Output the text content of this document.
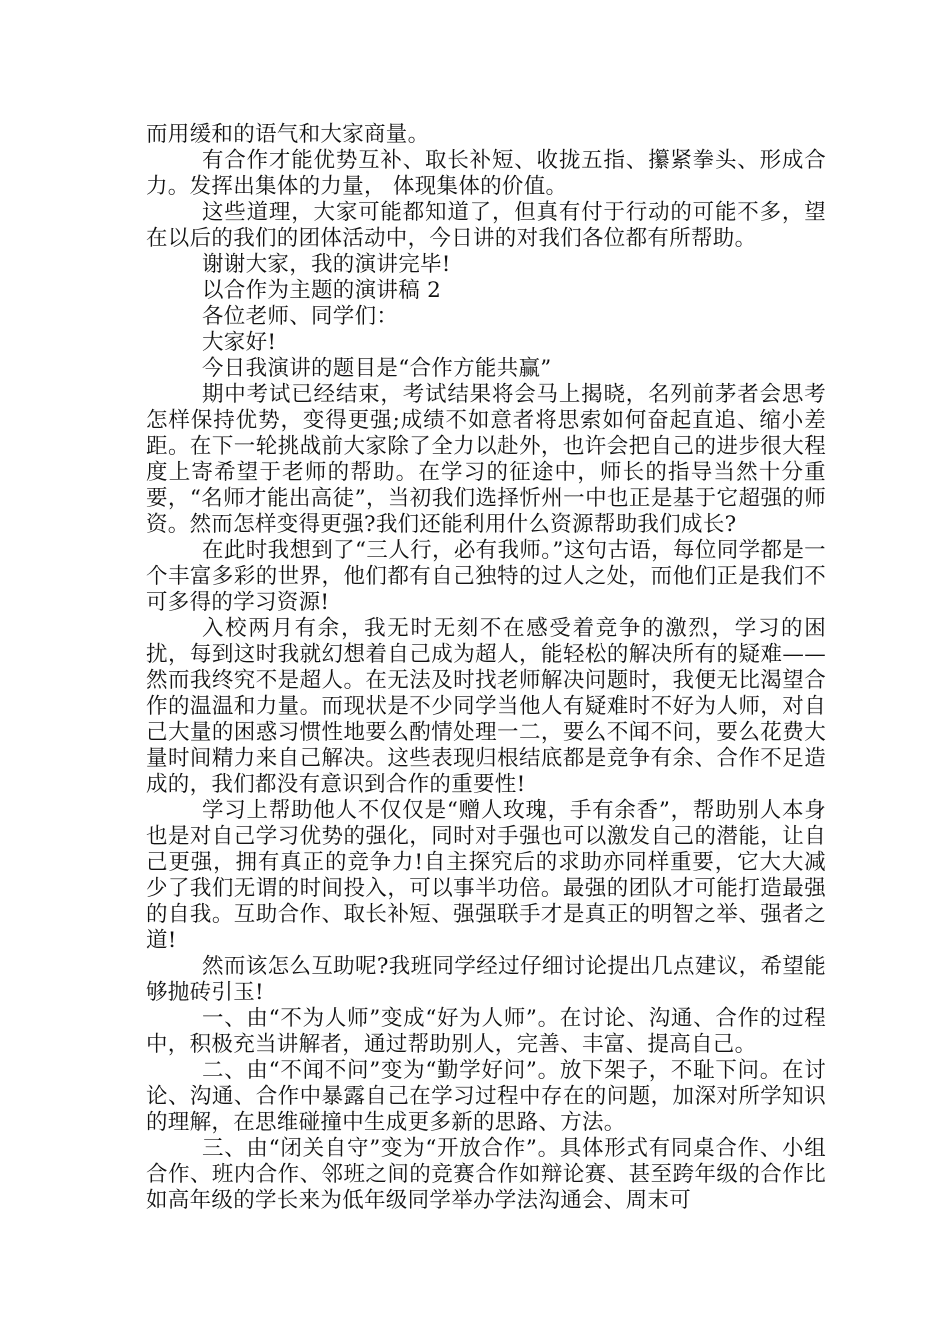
而用缓和的语气和大家商量。

有合作才能优势互补、取长补短、收拢五指、攥紧拳头、形成合力。发挥出集体的力量， 体现集体的价值。

这些道理，大家可能都知道了，但真有付于行动的可能不多，望在以后的我们的团体活动中，今日讲的对我们各位都有所帮助。

谢谢大家，我的演讲完毕!

以合作为主题的演讲稿 2

各位老师、同学们：

大家好!

今日我演讲的题目是“合作方能共赢”

期中考试已经结束，考试结果将会马上揭晓，名列前茅者会思考怎样保持优势，变得更强;成绩不如意者将思索如何奋起直追、缩小差距。在下一轮挑战前大家除了全力以赴外，也许会把自己的进步很大程度上寄希望于老师的帮助。在学习的征途中，师长的指导当然十分重要，“名师才能出高徒”，当初我们选择忻州一中也正是基于它超强的师资。然而怎样变得更强?我们还能利用什么资源帮助我们成长?

在此时我想到了“三人行，必有我师。”这句古语，每位同学都是一个丰富多彩的世界，他们都有自己独特的过人之处，而他们正是我们不可多得的学习资源!

入校两月有余，我无时无刻不在感受着竞争的激烈，学习的困扰，每到这时我就幻想着自己成为超人，能轻松的解决所有的疑难——然而我终究不是超人。在无法及时找老师解决问题时，我便无比渴望合作的温温和力量。而现状是不少同学当他人有疑难时不好为人师，对自己大量的困惑习惯性地要么酌情处理一二，要么不闻不问，要么花费大量时间精力来自己解决。这些表现归根结底都是竞争有余、合作不足造成的，我们都没有意识到合作的重要性!

学习上帮助他人不仅仅是“赠人玫瑰，手有余香”，帮助别人本身也是对自己学习优势的强化，同时对手强也可以激发自己的潜能，让自己更强，拥有真正的竞争力!自主探究后的求助亦同样重要，它大大减少了我们无谓的时间投入，可以事半功倍。最强的团队才可能打造最强的自我。互助合作、取长补短、强强联手才是真正的明智之举、强者之道!

然而该怎么互助呢?我班同学经过仔细讨论提出几点建议，希望能够抛砖引玉!

一、由“不为人师”变成“好为人师”。在讨论、沟通、合作的过程中，积极充当讲解者，通过帮助别人，完善、丰富、提高自己。

二、由“不闻不问”变为“勤学好问”。放下架子，不耻下问。在讨论、沟通、合作中暴露自己在学习过程中存在的问题，加深对所学知识的理解，在思维碰撞中生成更多新的思路、方法。

三、由“闭关自守”变为“开放合作”。具体形式有同桌合作、小组合作、班内合作、邻班之间的竞赛合作如辩论赛、甚至跨年级的合作比如高年级的学长来为低年级同学举办学法沟通会、周末可
